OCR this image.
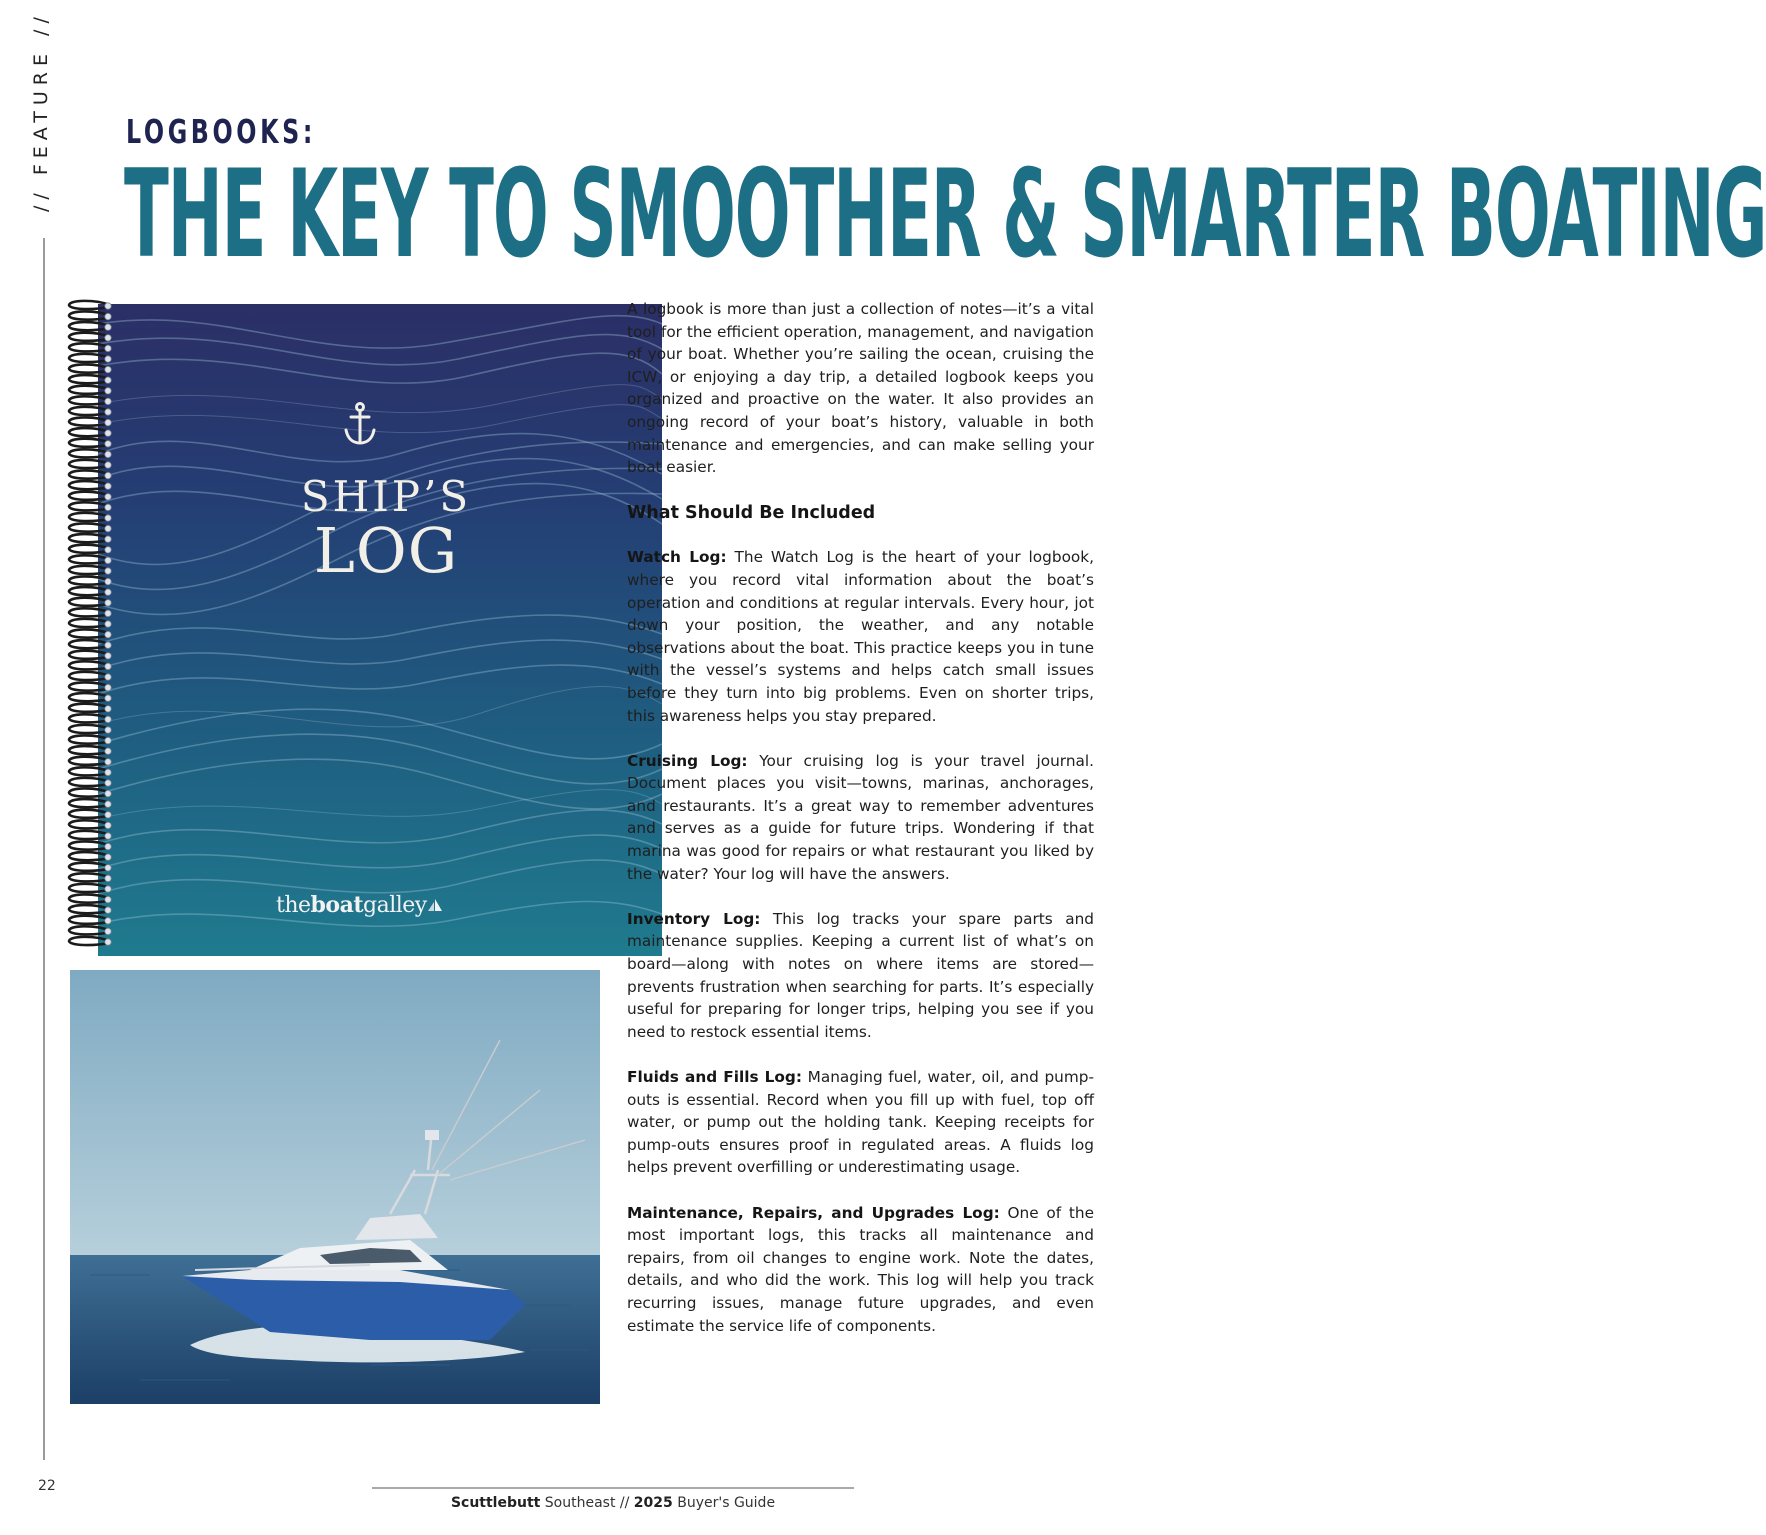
// FEATURE // LOGBOOKS:
THE KEY TO SMOOTHER & SMARTER BOATING
SHIP’S
LOG
theboatgalley

A logbook is more than just a collection of notes—it’s a vital tool for the efficient operation, management, and navigation of your boat. Whether you’re sailing the ocean, cruising the ICW, or enjoying a day trip, a detailed logbook keeps you organized and proactive on the water. It also provides an ongoing record of your boat’s history, valuable in both maintenance and emergencies, and can make selling your boat easier.

What Should Be Included

Watch Log: The Watch Log is the heart of your logbook, where you record vital information about the boat’s operation and conditions at regular intervals. Every hour, jot down your position, the weather, and any notable observations about the boat. This practice keeps you in tune with the vessel’s systems and helps catch small issues before they turn into big problems. Even on shorter trips, this awareness helps you stay prepared.

Cruising Log: Your cruising log is your travel journal. Document places you visit—towns, marinas, anchorages, and restaurants. It’s a great way to remember adventures and serves as a guide for future trips. Wondering if that marina was good for repairs or what restaurant you liked by the water? Your log will have the answers.

Inventory Log: This log tracks your spare parts and maintenance supplies. Keeping a current list of what’s on board—along with notes on where items are stored—prevents frustration when searching for parts. It’s especially useful for preparing for longer trips, helping you see if you need to restock essential items.

Fluids and Fills Log: Managing fuel, water, oil, and pump-outs is essential. Record when you fill up with fuel, top off water, or pump out the holding tank. Keeping receipts for pump-outs ensures proof in regulated areas. A fluids log helps prevent overfilling or underestimating usage.

Maintenance, Repairs, and Upgrades Log: One of the most important logs, this tracks all maintenance and repairs, from oil changes to engine work. Note the dates, details, and who did the work. This log will help you track recurring issues, manage future upgrades, and even estimate the service life of components.

22
Scuttlebutt Southeast // 2025 Buyer's Guide
